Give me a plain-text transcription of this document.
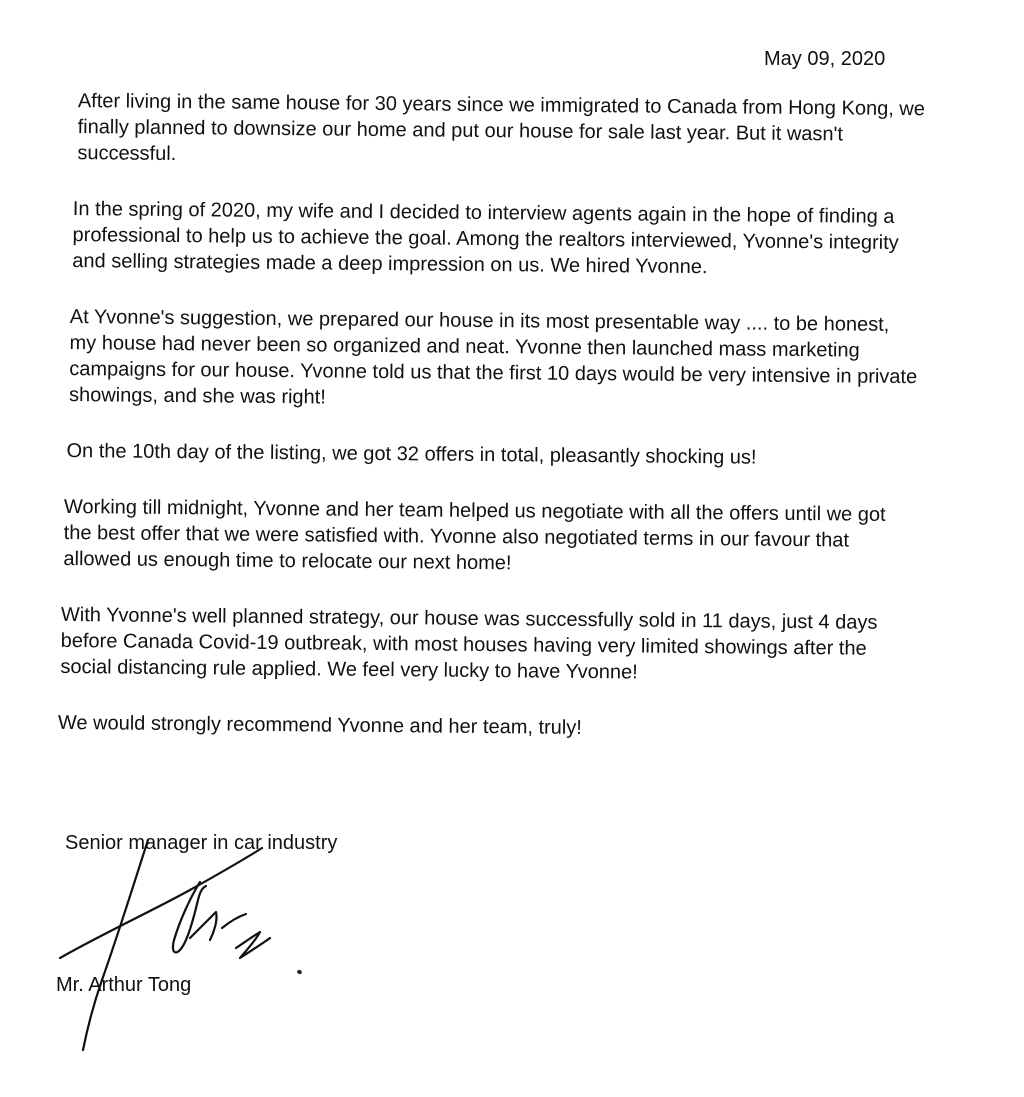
May 09, 2020
After living in the same house for 30 years since we immigrated to Canada from Hong Kong, we
finally planned to downsize our home and put our house for sale last year. But it wasn't
successful.
In the spring of 2020, my wife and I decided to interview agents again in the hope of finding a
professional to help us to achieve the goal. Among the realtors interviewed, Yvonne's integrity
and selling strategies made a deep impression on us. We hired Yvonne.
At Yvonne's suggestion, we prepared our house in its most presentable way .... to be honest,
my house had never been so organized and neat. Yvonne then launched mass marketing
campaigns for our house. Yvonne told us that the first 10 days would be very intensive in private
showings, and she was right!
On the 10th day of the listing, we got 32 offers in total, pleasantly shocking us!
Working till midnight, Yvonne and her team helped us negotiate with all the offers until we got
the best offer that we were satisfied with. Yvonne also negotiated terms in our favour that
allowed us enough time to relocate our next home!
With Yvonne's well planned strategy, our house was successfully sold in 11 days, just 4 days
before Canada Covid-19 outbreak, with most houses having very limited showings after the
social distancing rule applied. We feel very lucky to have Yvonne!
We would strongly recommend Yvonne and her team, truly!
Senior manager in car industry
Mr. Arthur Tong
